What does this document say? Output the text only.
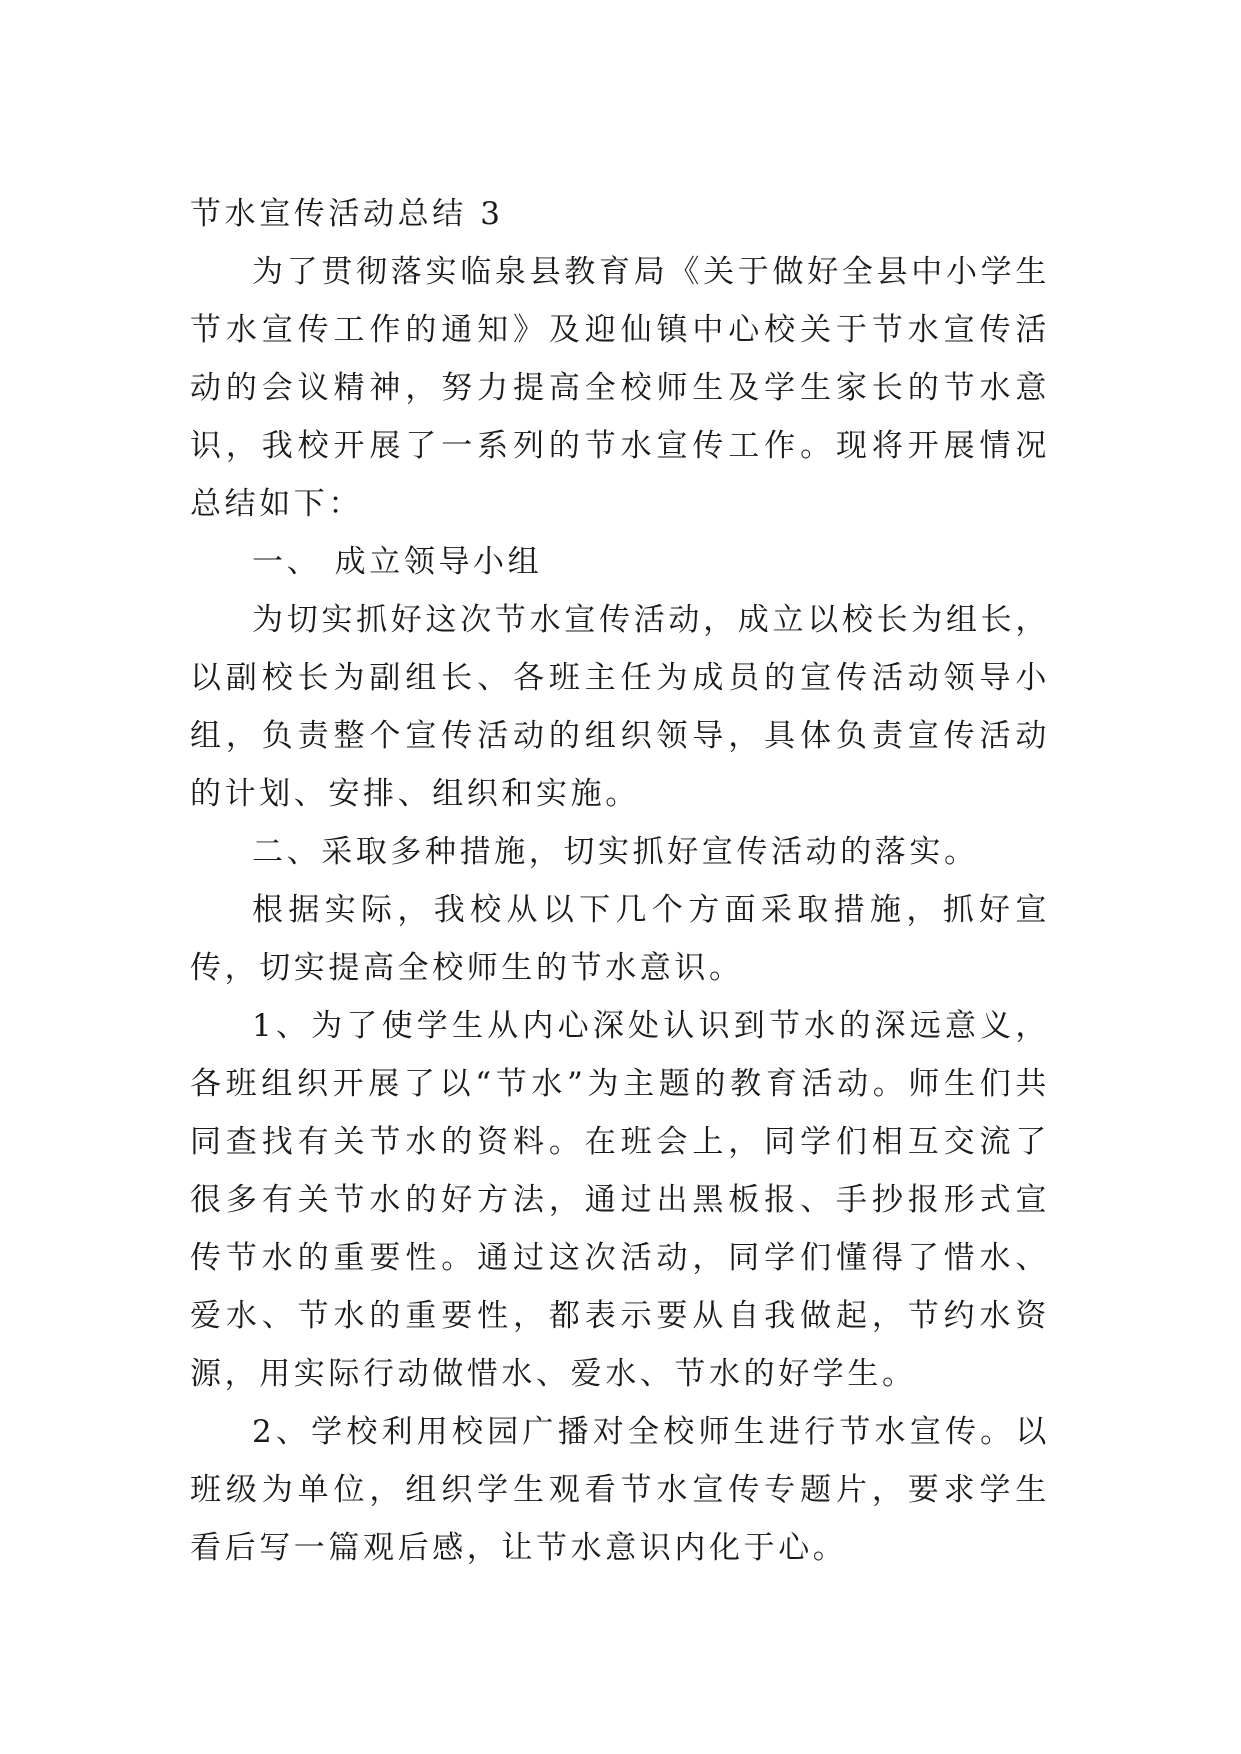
节水宣传活动总结 3

为了贯彻落实临泉县教育局《关于做好全县中小学生节水宣传工作的通知》及迎仙镇中心校关于节水宣传活动的会议精神，努力提高全校师生及学生家长的节水意识，我校开展了一系列的节水宣传工作。现将开展情况总结如下：

一、 成立领导小组

为切实抓好这次节水宣传活动，成立以校长为组长，以副校长为副组长、各班主任为成员的宣传活动领导小组，负责整个宣传活动的组织领导，具体负责宣传活动的计划、安排、组织和实施。

二、采取多种措施，切实抓好宣传活动的落实。

根据实际，我校从以下几个方面采取措施，抓好宣传，切实提高全校师生的节水意识。

1、为了使学生从内心深处认识到节水的深远意义，各班组织开展了以“节水”为主题的教育活动。师生们共同查找有关节水的资料。在班会上，同学们相互交流了很多有关节水的好方法，通过出黑板报、手抄报形式宣传节水的重要性。通过这次活动，同学们懂得了惜水、爱水、节水的重要性，都表示要从自我做起，节约水资源，用实际行动做惜水、爱水、节水的好学生。

2、学校利用校园广播对全校师生进行节水宣传。以班级为单位，组织学生观看节水宣传专题片，要求学生看后写一篇观后感，让节水意识内化于心。
